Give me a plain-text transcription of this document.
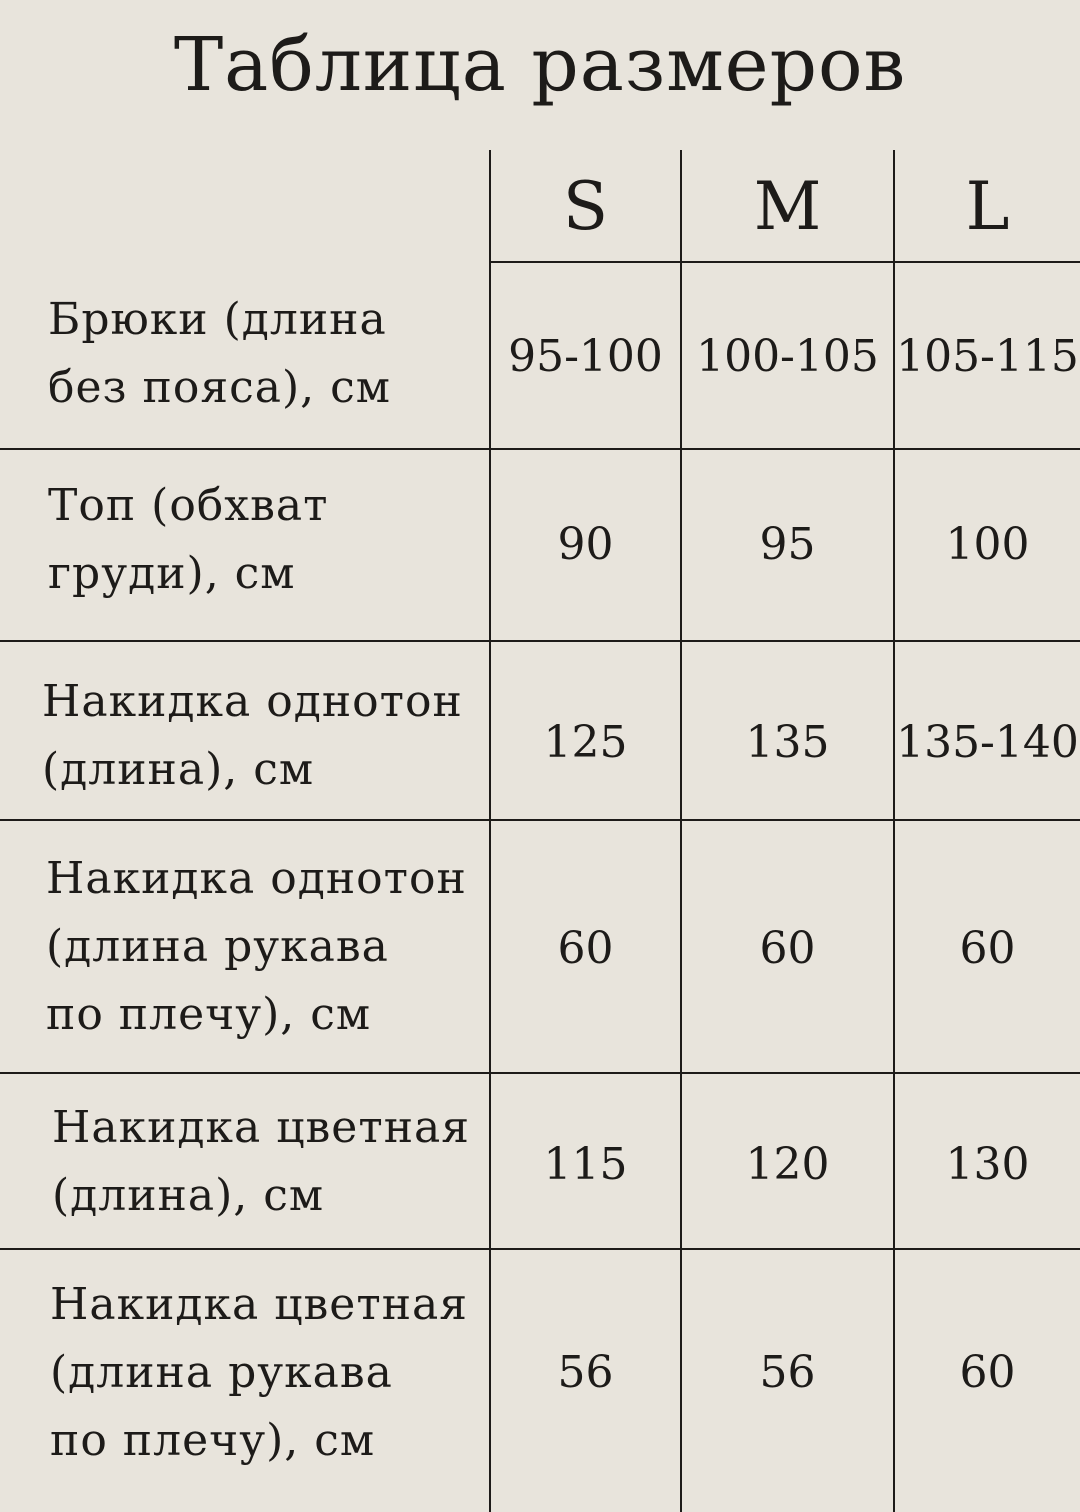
Таблица размеров
S	M	L
Брюки (длина
без пояса), см
95-100 100-105 105-115
Топ (обхват
груди), см
90	95	100
Накидка однотон
(длина), см
125	135	135-140
Накидка однотон
(длина рукава
по плечу), см
60	60	60
Накидка цветная
(длина), см
115	120	130
Накидка цветная
(длина рукава
по плечу), см
56	56	60
